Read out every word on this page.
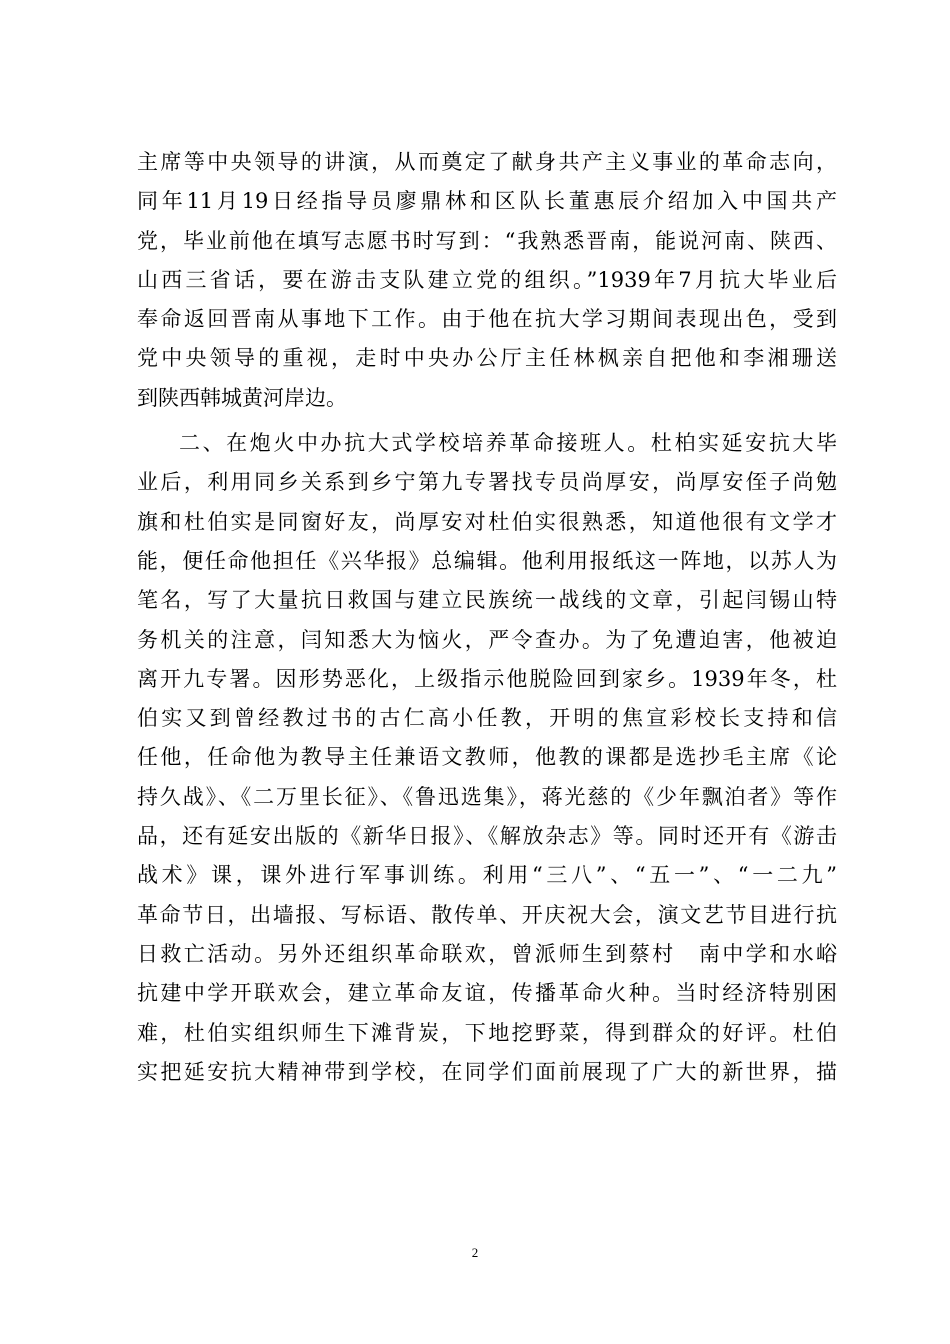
主席等中央领导的讲演，从而奠定了献身共产主义事业的革命志向，
同年11月19日经指导员廖鼎林和区队长董惠辰介绍加入中国共产
党，毕业前他在填写志愿书时写到：“我熟悉晋南，能说河南、陕西、
山西三省话，要在游击支队建立党的组织。”1939年7月抗大毕业后
奉命返回晋南从事地下工作。由于他在抗大学习期间表现出色，受到
党中央领导的重视，走时中央办公厅主任林枫亲自把他和李湘珊送
到陕西韩城黄河岸边。
二、在炮火中办抗大式学校培养革命接班人。杜柏实延安抗大毕
业后，利用同乡关系到乡宁第九专署找专员尚厚安，尚厚安侄子尚勉
旗和杜伯实是同窗好友，尚厚安对杜伯实很熟悉，知道他很有文学才
能，便任命他担任《兴华报》总编辑。他利用报纸这一阵地，以苏人为
笔名，写了大量抗日救国与建立民族统一战线的文章，引起闫锡山特
务机关的注意，闫知悉大为恼火，严令查办。为了免遭迫害，他被迫
离开九专署。因形势恶化，上级指示他脱险回到家乡。1939年冬，杜
伯实又到曾经教过书的古仁高小任教，开明的焦宣彩校长支持和信
任他，任命他为教导主任兼语文教师，他教的课都是选抄毛主席《论
持久战》、《二万里长征》、《鲁迅选集》，蒋光慈的《少年飘泊者》等作
品，还有延安出版的《新华日报》、《解放杂志》等。同时还开有《游击
战术》课，课外进行军事训练。利用“三八”、“五一”、“一二九”
革命节日，出墙报、写标语、散传单、开庆祝大会，演文艺节目进行抗
日救亡活动。另外还组织革命联欢，曾派师生到蔡村　南中学和水峪
抗建中学开联欢会，建立革命友谊，传播革命火种。当时经济特别困
难，杜伯实组织师生下滩背炭，下地挖野菜，得到群众的好评。杜伯
实把延安抗大精神带到学校，在同学们面前展现了广大的新世界，描
2
